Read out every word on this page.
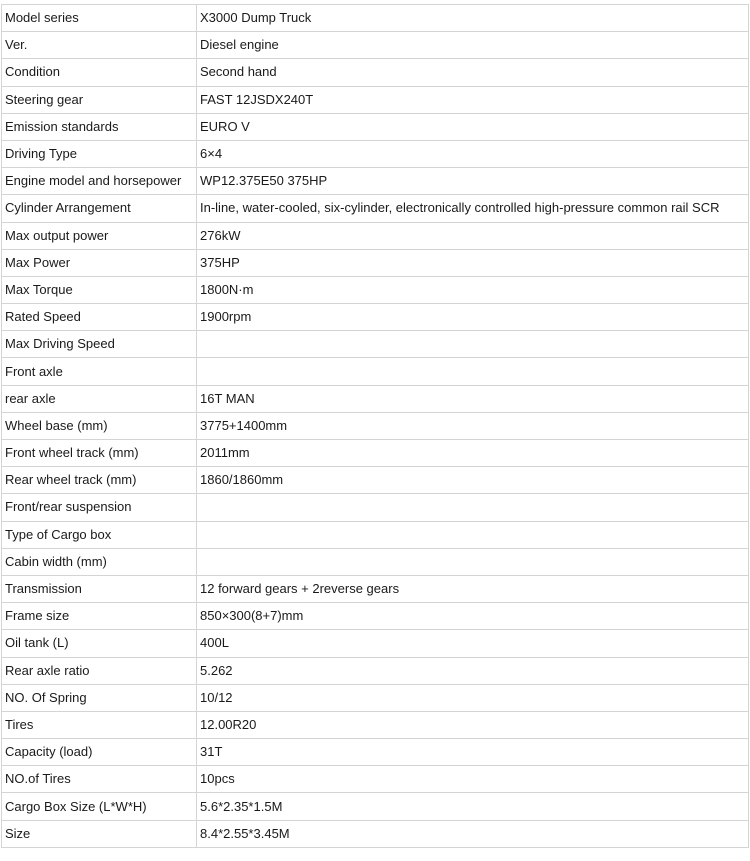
Model series	X3000 Dump Truck
Ver.	Diesel engine
Condition	Second hand
Steering gear	FAST 12JSDX240T
Emission standards	EURO V
Driving Type	6×4
Engine model and horsepower	WP12.375E50 375HP
Cylinder Arrangement	In-line, water-cooled, six-cylinder, electronically controlled high-pressure common rail SCR
Max output power	276kW
Max Power	375HP
Max Torque	1800N·m
Rated Speed	1900rpm
Max Driving Speed	
Front axle	
rear axle	16T MAN
Wheel base (mm)	3775+1400mm
Front wheel track (mm)	2011mm
Rear wheel track (mm)	1860/1860mm
Front/rear suspension	
Type of Cargo box	
Cabin width (mm)	
Transmission	12 forward gears + 2reverse gears
Frame size	850×300(8+7)mm
Oil tank (L)	400L
Rear axle ratio	5.262
NO. Of Spring	10/12
Tires	12.00R20
Capacity (load)	31T
NO.of Tires	10pcs
Cargo Box Size (L*W*H)	5.6*2.35*1.5M
Size	8.4*2.55*3.45M
